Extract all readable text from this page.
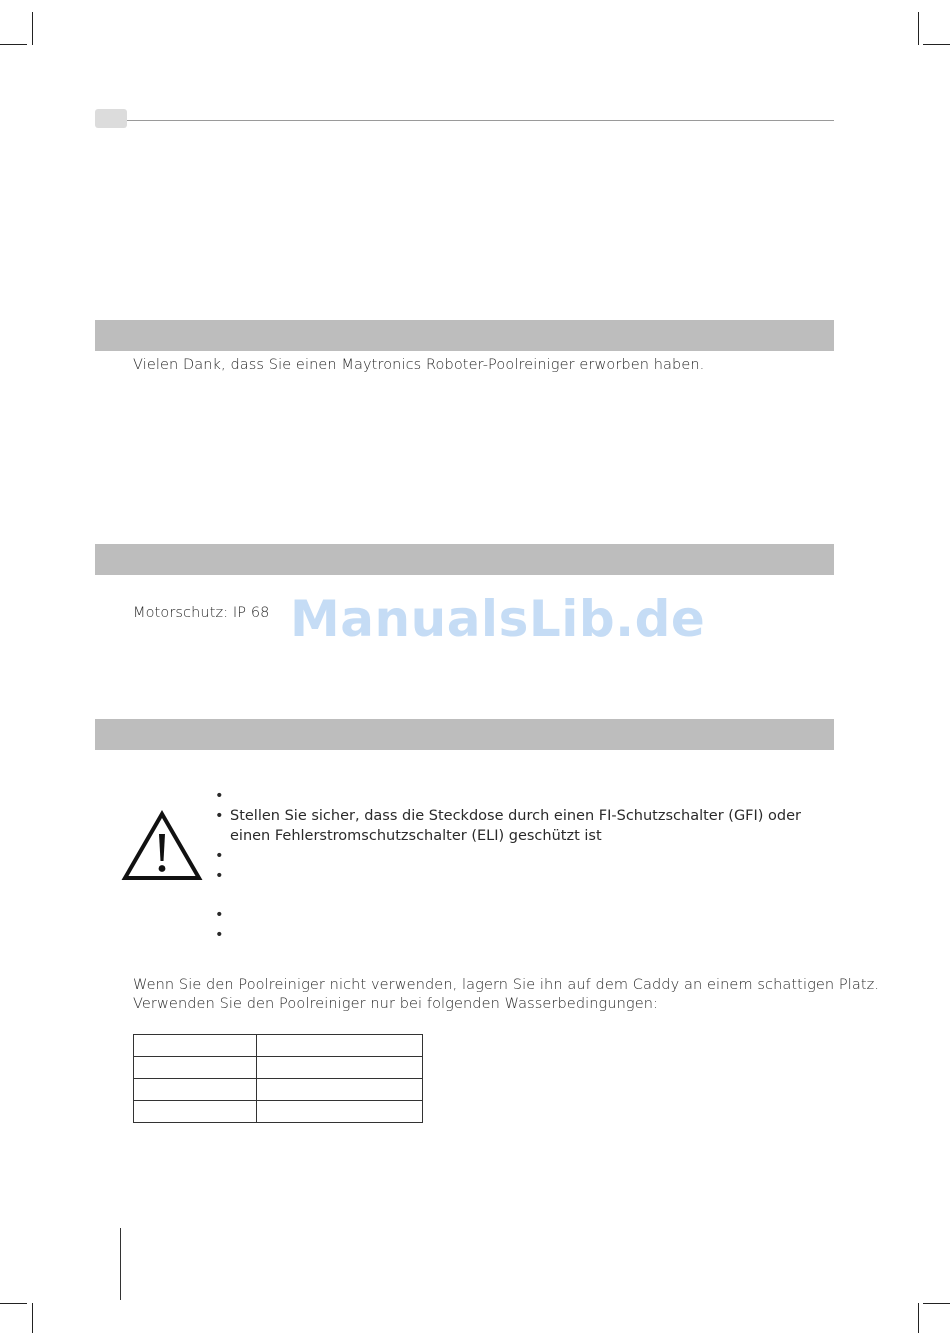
Vielen Dank, dass Sie einen Maytronics Roboter-Poolreiniger erworben haben.
Motorschutz: IP 68 ManualsLib.de
•
• Stellen Sie sicher, dass die Steckdose durch einen FI-Schutzschalter (GFI) oder einen Fehlerstromschutzschalter (ELI) geschützt ist
•
•
•
•
Wenn Sie den Poolreiniger nicht verwenden, lagern Sie ihn auf dem Caddy an einem schattigen Platz.
Verwenden Sie den Poolreiniger nur bei folgenden Wasserbedingungen:
